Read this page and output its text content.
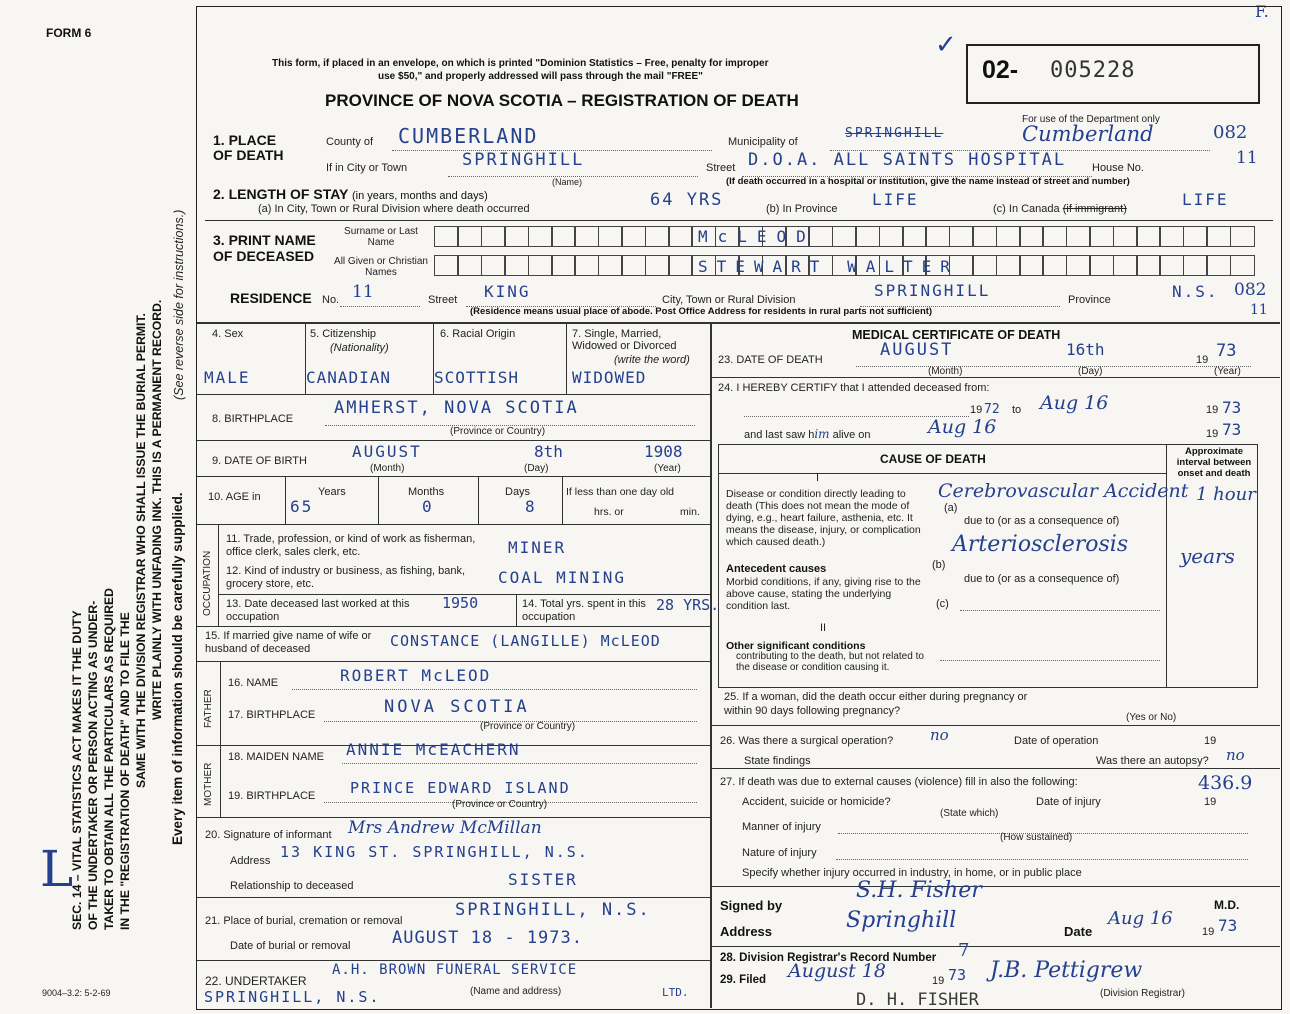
FORM 6
F.
This form, if placed in an envelope, on which is printed "Dominion Statistics – Free, penalty for improper
use $50," and properly addressed will pass through the mail "FREE"
PROVINCE OF NOVA SCOTIA – REGISTRATION OF DEATH
✓
02- 005228
For use of the Department only
SEC. 14 – VITAL STATISTICS ACT MAKES IT THE DUTY OF THE UNDERTAKER OR PERSON ACTING AS UNDER- TAKER TO OBTAIN ALL THE PARTICULARS AS REQUIRED IN THE "REGISTRATION OF DEATH" AND TO FILE THE SAME WITH THE DIVISION REGISTRAR WHO SHALL ISSUE THE BURIAL PERMIT. WRITE PLAINLY WITH UNFADING INK. THIS IS A PERMANENT RECORD. Every item of information should be carefully supplied.
(See reverse side for instructions.)
L
9004–3.2: 5-2-69
1. PLACE OF DEATH
County of CUMBERLAND	Municipality of
SPRINGHILL	Cumberland	082
If in City or Town	SPRINGHILL
(Name)
Street D.O.A. ALL SAINTS HOSPITAL House No.	11
(If death occurred in a hospital or institution, give the name instead of street and number)
2. LENGTH OF STAY (in years, months and days)
(a) In City, Town or Rural Division where death occurred	64 YRS	(b) In Province LIFE	(c) In Canada (if immigrant)	LIFE
3. PRINT NAME OF DECEASED
Surname or Last Name
All Given or Christian Names
McLEOD
STEWART WALTER
RESIDENCE No. 11	Street KING	City, Town or Rural Division	SPRINGHILL	Province	N.S. 082
11
(Residence means usual place of abode. Post Office Address for residents in rural parts not sufficient)
4. Sex
MALE
5. Citizenship
(Nationality)
CANADIAN
6. Racial Origin
SCOTTISH
7. Single, Married, Widowed or Divorced
(write the word)
WIDOWED
8. BIRTHPLACE
AMHERST, NOVA SCOTIA
(Province or Country)
9. DATE OF BIRTH	AUGUST	8th	1908
(Month)	(Day)	(Year)
10. AGE in	Years	Months	Days
65	0	8
If less than one day old
hrs. or	min.
OCCUPATION
11. Trade, profession, or kind of work as fisherman, office clerk, sales clerk, etc.	MINER
12. Kind of industry or business, as fishing, bank, grocery store, etc.	COAL MINING
13. Date deceased last worked at this occupation
1950	14. Total yrs. spent in this occupation
28 YRS.
15. If married give name of wife or husband of deceased	CONSTANCE (LANGILLE) McLEOD
FATHER
16. NAME	ROBERT McLEOD
17. BIRTHPLACE	NOVA SCOTIA
(Province or Country)
MOTHER
18. MAIDEN NAME ANNIE McEACHERN
19. BIRTHPLACE PRINCE EDWARD ISLAND
(Province or Country)
20. Signature of informant Mrs Andrew McMillan
Address 13 KING ST. SPRINGHILL, N.S.
Relationship to deceased	SISTER
21. Place of burial, cremation or removal
SPRINGHILL, N.S.
Date of burial or removal AUGUST 18 - 1973.
22. UNDERTAKER
A.H. BROWN FUNERAL SERVICE
SPRINGHILL, N.S.	LTD.
(Name and address)
MEDICAL CERTIFICATE OF DEATH
23. DATE OF DEATH	AUGUST	16th
19 73
(Month)	(Day)	(Year)
24. I HEREBY CERTIFY that I attended deceased from:
19 72 to Aug 16	19 73
and last saw him alive on	Aug 16	19 73
CAUSE OF DEATH
Approximate interval between onset and death
I
Disease or condition directly leading to death (This does not mean the mode of dying, e.g., heart failure, asthenia, etc. It means the disease, injury, or complication which caused death.)
(a)
Cerebrovascular Accident 1 hour
due to (or as a consequence of)
Antecedent causes
Morbid conditions, if any, giving rise to the above cause, stating the underlying condition last.
(b)
Arteriosclerosis	years
due to (or as a consequence of)
(c)
II
Other significant conditions
contributing to the death, but not related to the disease or condition causing it.
25. If a woman, did the death occur either during pregnancy or within 90 days following pregnancy?
(Yes or No)
26. Was there a surgical operation? no	Date of operation	19
State findings	Was there an autopsy? no
27. If death was due to external causes (violence) fill in also the following:	436.9
Accident, suicide or homicide?	Date of injury	19
(State which)
Manner of injury
(How sustained)
Nature of injury
Specify whether injury occurred in industry, in home, or in public place
Signed by
S.H. Fisher
M.D.
Address	Springhill	Date
Aug 16
19 73
28. Division Registrar's Record Number 7
29. Filed August 18	19 73 J.B. Pettigrew
(Division Registrar)
D. H. FISHER
